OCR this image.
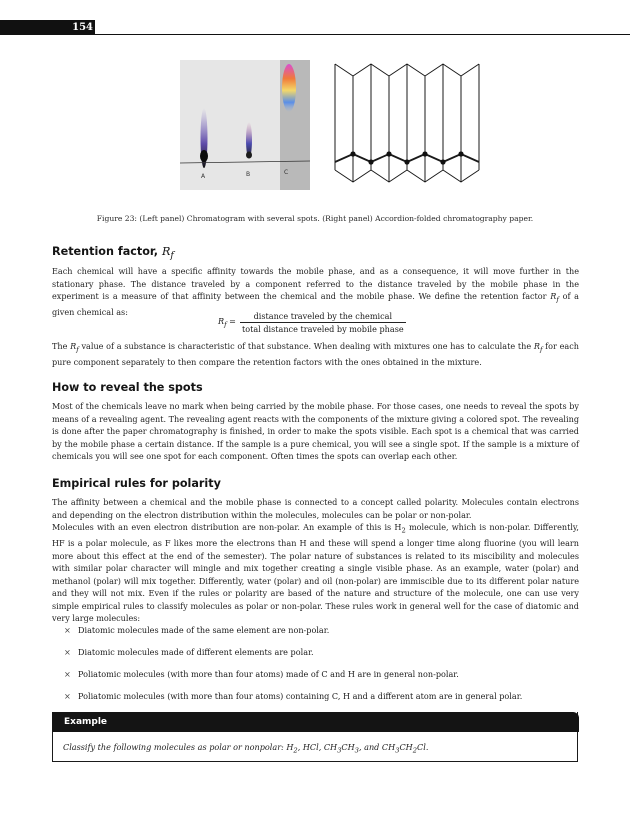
154
A	B	C
Figure 23: (Left panel) Chromatogram with several spots. (Right panel) Accordion-folded chromatography paper.
Retention factor, $R_f$

Each chemical will have a specific affinity towards the mobile phase, and as a consequence, it will move further in the stationary phase. The distance traveled by a component referred to the distance traveled by the mobile phase in the experiment is a measure of that affinity between the chemical and the mobile phase. We define the retention factor $R_f$ of a given chemical as:

$R_f = \frac{\text{distance traveled by the chemical}}{\text{total distance traveled by mobile phase}}$

The $R_f$ value of a substance is characteristic of that substance. When dealing with mixtures one has to calculate the $R_f$ for each pure component separately to then compare the retention factors with the ones obtained in the mixture.

How to reveal the spots

Most of the chemicals leave no mark when being carried by the mobile phase. For those cases, one needs to reveal the spots by means of a revealing agent. The revealing agent reacts with the components of the mixture giving a colored spot. The revealing is done after the paper chromatography is finished, in order to make the spots visible. Each spot is a chemical that was carried by the mobile phase a certain distance. If the sample is a pure chemical, you will see a single spot. If the sample is a mixture of chemicals you will see one spot for each component. Often times the spots can overlap each other.

Empirical rules for polarity

The affinity between a chemical and the mobile phase is connected to a concept called polarity. Molecules contain electrons and depending on the electron distribution within the molecules, molecules can be polar or non-polar.

Molecules with an even electron distribution are non-polar. An example of this is $H_2$ molecule, which is non-polar. Differently, HF is a polar molecule, as F likes more the electrons than H and these will spend a longer time along fluorine (you will learn more about this effect at the end of the semester). The polar nature of substances is related to its miscibility and molecules with similar polar character will mingle and mix together creating a single visible phase. As an example, water (polar) and methanol (polar) will mix together. Differently, water (polar) and oil (non-polar) are immiscible due to its different polar nature and they will not mix. Even if the rules or polarity are based of the nature and structure of the molecule, one can use very simple empirical rules to classify molecules as polar or non-polar. These rules work in general well for the case of diatomic and very large molecules:

× Diatomic molecules made of the same element are non-polar.
× Diatomic molecules made of different elements are polar.
× Poliatomic molecules (with more than four atoms) made of C and H are in general non-polar.
× Poliatomic molecules (with more than four atoms) containing C, H and a different atom are in general polar.
Example
Classify the following molecules as polar or nonpolar: $H_2$, HCl, $CH_3CH_3$, and $CH_3CH_2Cl$.
